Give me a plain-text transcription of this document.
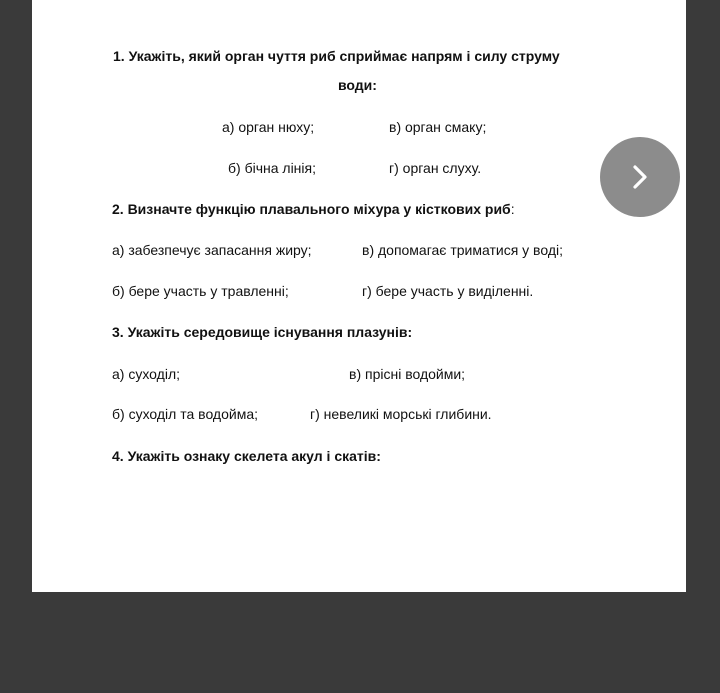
1. Укажіть, який орган чуття риб сприймає напрям і силу струму
води:
а) орган нюху;	в) орган смаку;
б) бічна лінія;	г) орган слуху.
2. Визначте функцію плавального міхура у кісткових риб:
а) забезпечує запасання жиру;	в) допомагає триматися у воді;
б) бере участь у травленні;	г) бере участь у виділенні.
3. Укажіть середовище існування плазунів:
а) суходіл;	в) прісні водойми;
б) суходіл та водойма;	г) невеликі морські глибини.
4. Укажіть ознаку скелета акул і скатів:
